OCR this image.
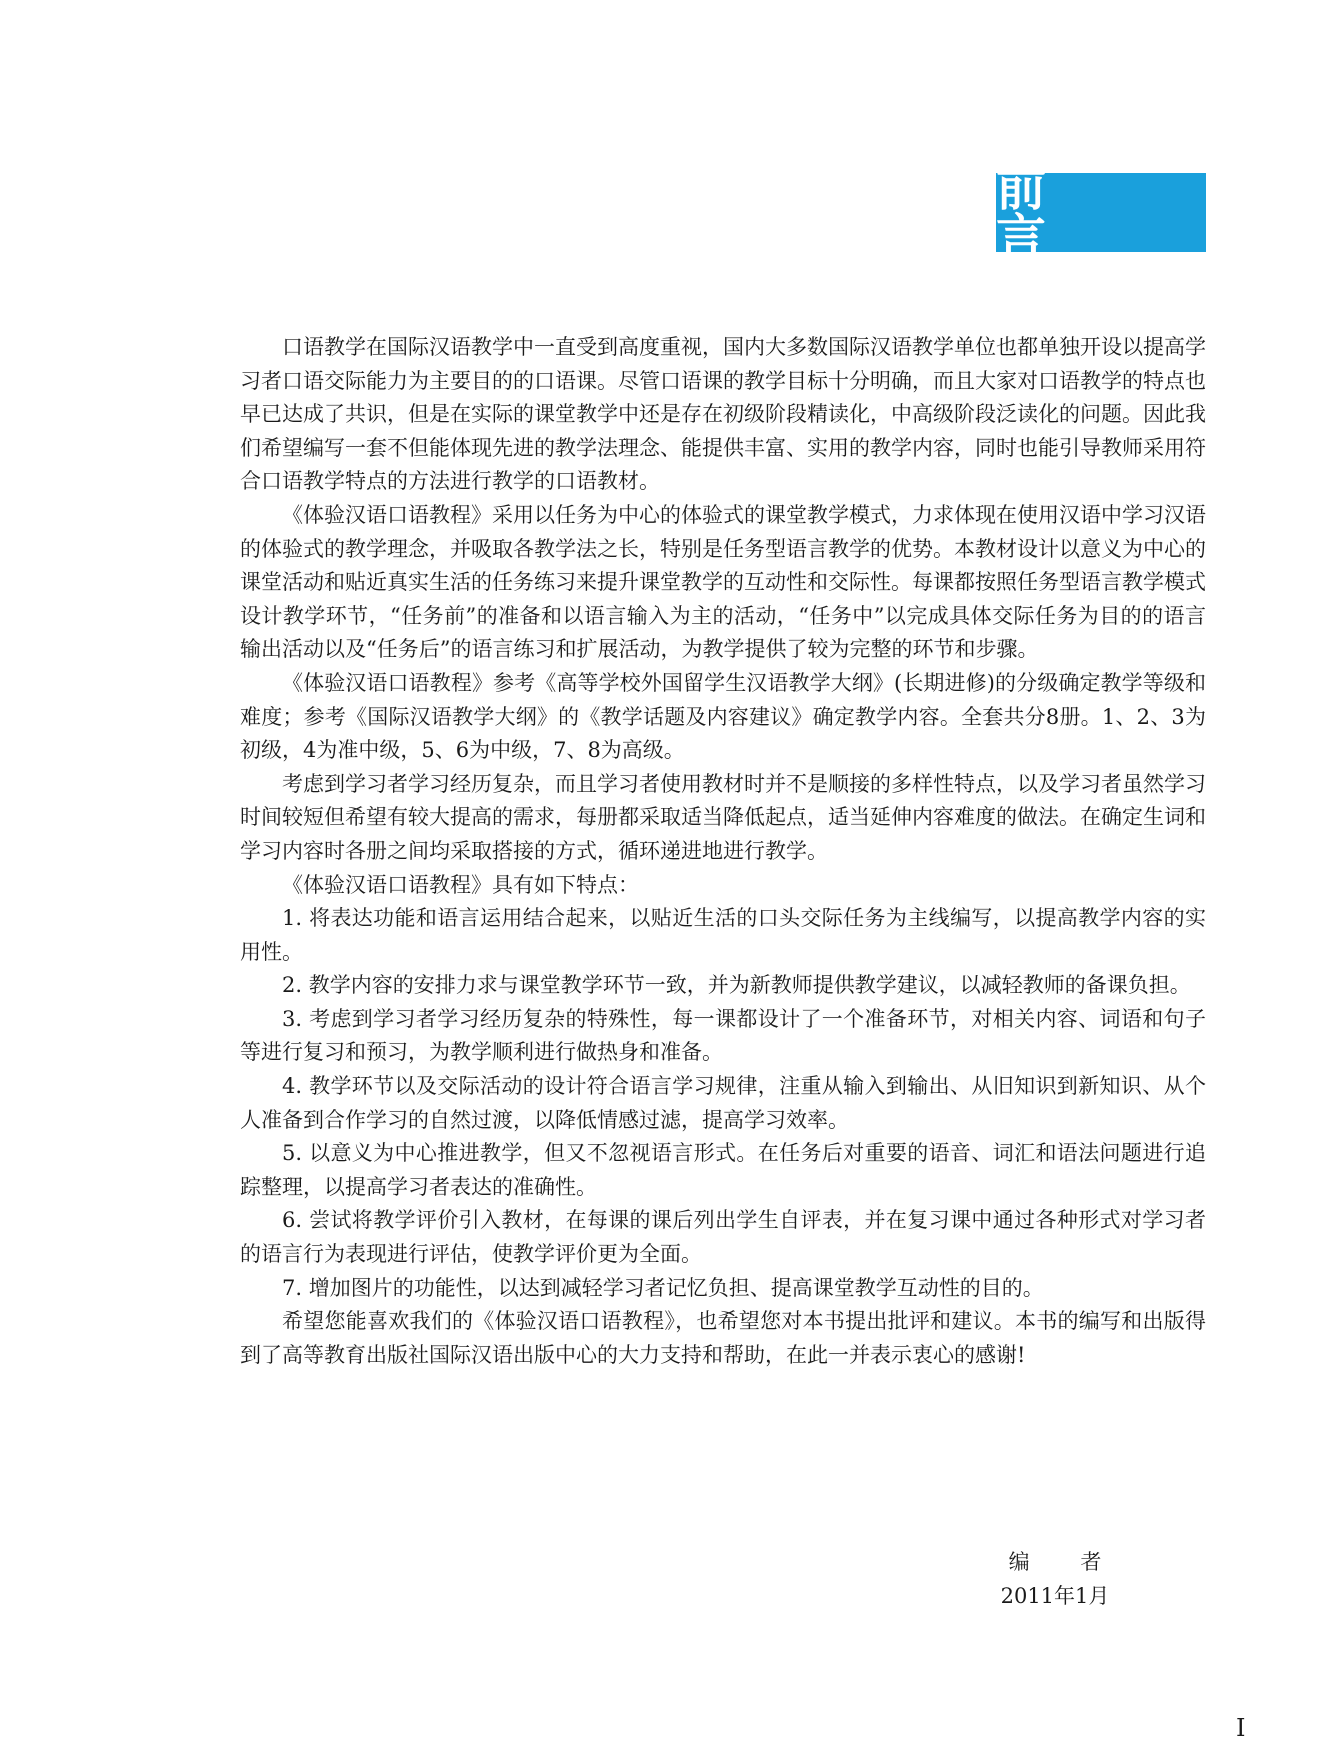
前 言

口语教学在国际汉语教学中一直受到高度重视，国内大多数国际汉语教学单位也都单独开设以提高学习者口语交际能力为主要目的的口语课。尽管口语课的教学目标十分明确，而且大家对口语教学的特点也早已达成了共识，但是在实际的课堂教学中还是存在初级阶段精读化，中高级阶段泛读化的问题。因此我们希望编写一套不但能体现先进的教学法理念、能提供丰富、实用的教学内容，同时也能引导教师采用符合口语教学特点的方法进行教学的口语教材。

《体验汉语口语教程》采用以任务为中心的体验式的课堂教学模式，力求体现在使用汉语中学习汉语的体验式的教学理念，并吸取各教学法之长，特别是任务型语言教学的优势。本教材设计以意义为中心的课堂活动和贴近真实生活的任务练习来提升课堂教学的互动性和交际性。每课都按照任务型语言教学模式设计教学环节，“任务前”的准备和以语言输入为主的活动，“任务中”以完成具体交际任务为目的的语言输出活动以及“任务后”的语言练习和扩展活动，为教学提供了较为完整的环节和步骤。

《体验汉语口语教程》参考《高等学校外国留学生汉语教学大纲》(长期进修)的分级确定教学等级和难度；参考《国际汉语教学大纲》的《教学话题及内容建议》确定教学内容。全套共分8册。1、2、3为初级，4为准中级，5、6为中级，7、8为高级。

考虑到学习者学习经历复杂，而且学习者使用教材时并不是顺接的多样性特点，以及学习者虽然学习时间较短但希望有较大提高的需求，每册都采取适当降低起点，适当延伸内容难度的做法。在确定生词和学习内容时各册之间均采取搭接的方式，循环递进地进行教学。

《体验汉语口语教程》具有如下特点：

1. 将表达功能和语言运用结合起来，以贴近生活的口头交际任务为主线编写，以提高教学内容的实用性。

2. 教学内容的安排力求与课堂教学环节一致，并为新教师提供教学建议，以减轻教师的备课负担。

3. 考虑到学习者学习经历复杂的特殊性，每一课都设计了一个准备环节，对相关内容、词语和句子等进行复习和预习，为教学顺利进行做热身和准备。

4. 教学环节以及交际活动的设计符合语言学习规律，注重从输入到输出、从旧知识到新知识、从个人准备到合作学习的自然过渡，以降低情感过滤，提高学习效率。

5. 以意义为中心推进教学，但又不忽视语言形式。在任务后对重要的语音、词汇和语法问题进行追踪整理，以提高学习者表达的准确性。

6. 尝试将教学评价引入教材，在每课的课后列出学生自评表，并在复习课中通过各种形式对学习者的语言行为表现进行评估，使教学评价更为全面。

7. 增加图片的功能性，以达到减轻学习者记忆负担、提高课堂教学互动性的目的。

希望您能喜欢我们的《体验汉语口语教程》，也希望您对本书提出批评和建议。本书的编写和出版得到了高等教育出版社国际汉语出版中心的大力支持和帮助，在此一并表示衷心的感谢!

编 者
2011年1月
I
